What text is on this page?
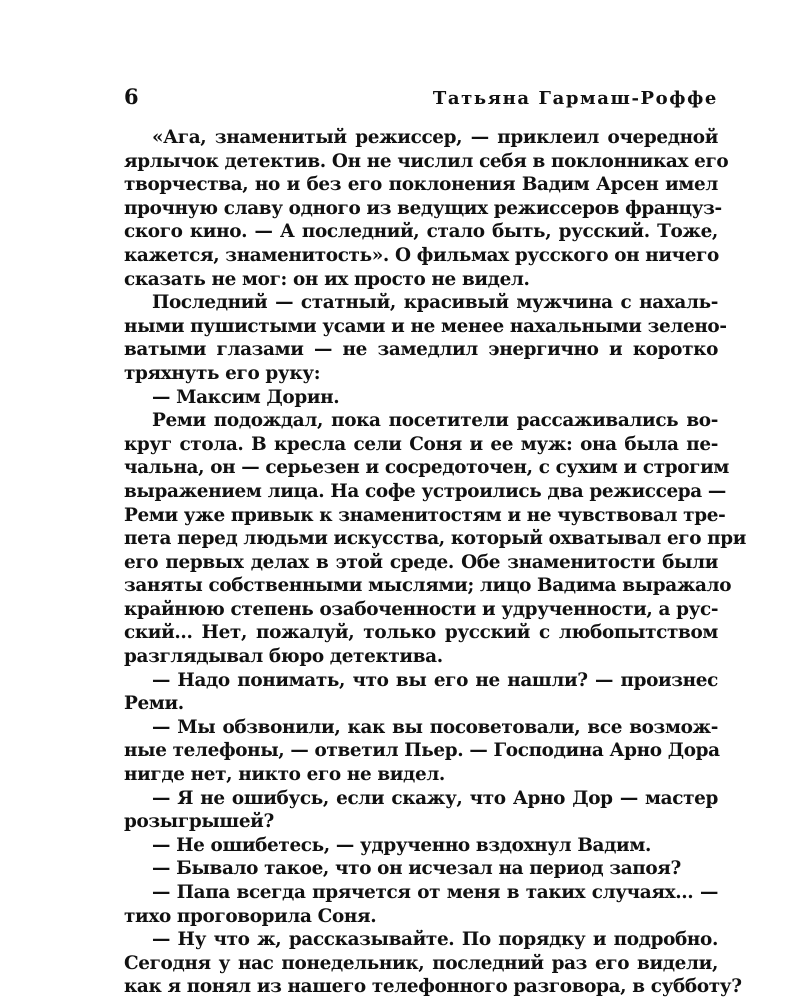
6	Татьяна Гармаш-Роффе
«Ага, знаменитый режиссер, — приклеил очередной
ярлычок детектив. Он не числил себя в поклонниках его
творчества, но и без его поклонения Вадим Арсен имел
прочную славу одного из ведущих режиссеров француз-
ского кино. — А последний, стало быть, русский. Тоже,
кажется, знаменитость». О фильмах русского он ничего
сказать не мог: он их просто не видел.
Последний — статный, красивый мужчина с нахаль-
ными пушистыми усами и не менее нахальными зелено-
ватыми глазами — не замедлил энергично и коротко
тряхнуть его руку:
— Максим Дорин.
Реми подождал, пока посетители рассаживались во-
круг стола. В кресла сели Соня и ее муж: она была пе-
чальна, он — серьезен и сосредоточен, с сухим и строгим
выражением лица. На софе устроились два режиссера —
Реми уже привык к знаменитостям и не чувствовал тре-
пета перед людьми искусства, который охватывал его при
его первых делах в этой среде. Обе знаменитости были
заняты собственными мыслями; лицо Вадима выражало
крайнюю степень озабоченности и удрученности, а рус-
ский... Нет, пожалуй, только русский с любопытством
разглядывал бюро детектива.
— Надо понимать, что вы его не нашли? — произнес
Реми.
— Мы обзвонили, как вы посоветовали, все возмож-
ные телефоны, — ответил Пьер. — Господина Арно Дора
нигде нет, никто его не видел.
— Я не ошибусь, если скажу, что Арно Дор — мастер
розыгрышей?
— Не ошибетесь, — удрученно вздохнул Вадим.
— Бывало такое, что он исчезал на период запоя?
— Папа всегда прячется от меня в таких случаях... —
тихо проговорила Соня.
— Ну что ж, рассказывайте. По порядку и подробно.
Сегодня у нас понедельник, последний раз его видели,
как я понял из нашего телефонного разговора, в субботу?
